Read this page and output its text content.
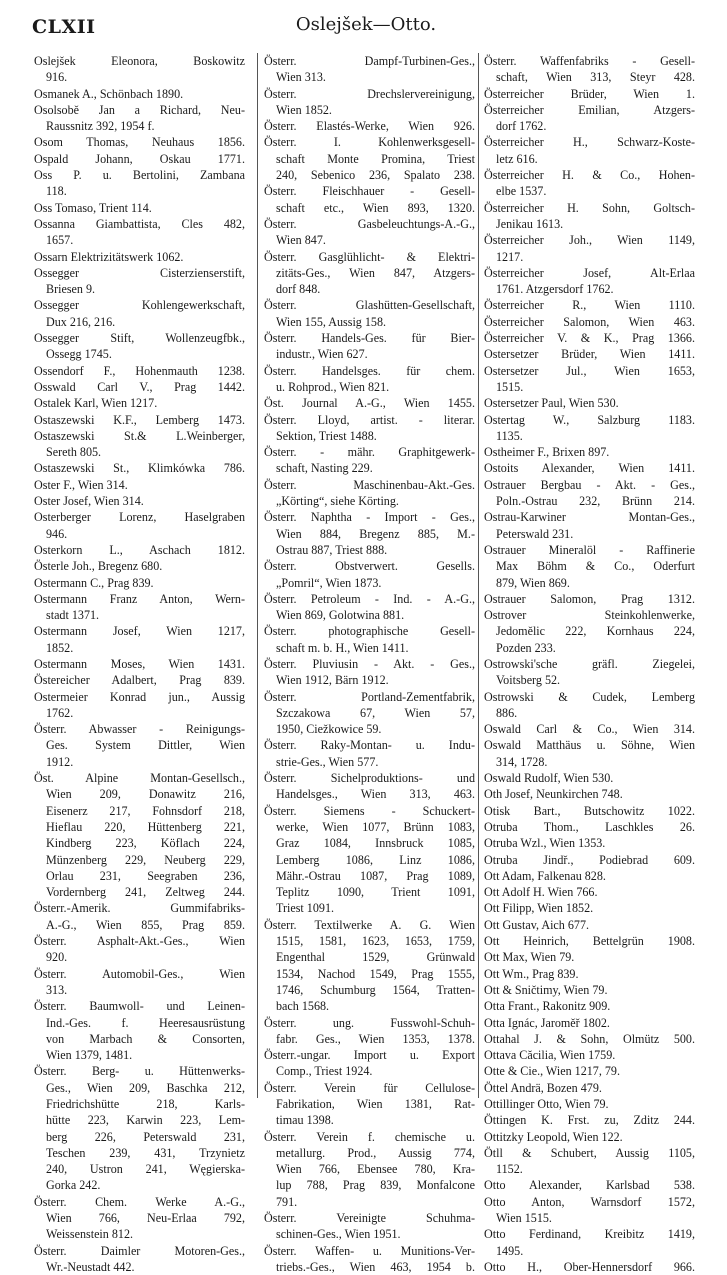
CLXII	Oslejšek—Otto.
Oslejšek Eleonora, Boskowitz
916.
Osmanek A., Schönbach 1890.
Osolsobě Jan a Richard, Neu-
Raussnitz 392, 1954 f.
Osom Thomas, Neuhaus 1856.
Ospald Johann, Oskau 1771.
Oss P. u. Bertolini, Zambana
118.
Oss Tomaso, Trient 114.
Ossanna Giambattista, Cles 482,
1657.
Ossarn Elektrizitätswerk 1062.
Ossegger Cisterzienserstift,
Briesen 9.
Ossegger Kohlengewerkschaft,
Dux 216, 216.
Ossegger Stift, Wollenzeugfbk.,
Ossegg 1745.
Ossendorf F., Hohenmauth 1238.
Osswald Carl V., Prag 1442.
Ostalek Karl, Wien 1217.
Ostaszewski K.F., Lemberg 1473.
Ostaszewski St.& L.Weinberger,
Sereth 805.
Ostaszewski St., Klimkówka 786.
Oster F., Wien 314.
Oster Josef, Wien 314.
Osterberger Lorenz, Haselgraben
946.
Osterkorn L., Aschach 1812.
Österle Joh., Bregenz 680.
Ostermann C., Prag 839.
Ostermann Franz Anton, Wern-
stadt 1371.
Ostermann Josef, Wien 1217,
1852.
Ostermann Moses, Wien 1431.
Östereicher Adalbert, Prag 839.
Ostermeier Konrad jun., Aussig
1762.
Österr. Abwasser - Reinigungs-
Ges. System Dittler, Wien
1912.
Öst. Alpine Montan-Gesellsch.,
Wien 209, Donawitz 216,
Eisenerz 217, Fohnsdorf 218,
Hieflau 220, Hüttenberg 221,
Kindberg 223, Köflach 224,
Münzenberg 229, Neuberg 229,
Orlau 231, Seegraben 236,
Vordernberg 241, Zeltweg 244.
Österr.-Amerik. Gummifabriks-
A.-G., Wien 855, Prag 859.
Österr. Asphalt-Akt.-Ges., Wien
920.
Österr. Automobil-Ges., Wien
313.
Österr. Baumwoll- und Leinen-
Ind.-Ges. f. Heeresausrüstung
von Marbach & Consorten,
Wien 1379, 1481.
Österr. Berg- u. Hüttenwerks-
Ges., Wien 209, Baschka 212,
Friedrichshütte 218, Karls-
hütte 223, Karwin 223, Lem-
berg 226, Peterswald 231,
Teschen 239, 431, Trzynietz
240, Ustron 241, Węgierska-
Gorka 242.
Österr. Chem. Werke A.-G.,
Wien 766, Neu-Erlaa 792,
Weissenstein 812.
Österr. Daimler Motoren-Ges.,
Wr.-Neustadt 442.
Österr. Dampf-Turbinen-Ges.,
Wien 313.
Österr. Drechslervereinigung,
Wien 1852.
Österr. Elastés-Werke, Wien 926.
Österr. I. Kohlenwerksgesell-
schaft Monte Promina, Triest
240, Sebenico 236, Spalato 238.
Österr. Fleischhauer - Gesell-
schaft etc., Wien 893, 1320.
Österr. Gasbeleuchtungs-A.-G.,
Wien 847.
Österr. Gasglühlicht- & Elektri-
zitäts-Ges., Wien 847, Atzgers-
dorf 848.
Österr. Glashütten-Gesellschaft,
Wien 155, Aussig 158.
Österr. Handels-Ges. für Bier-
industr., Wien 627.
Österr. Handelsges. für chem.
u. Rohprod., Wien 821.
Öst. Journal A.-G., Wien 1455.
Österr. Lloyd, artist. - literar.
Sektion, Triest 1488.
Österr. - mähr. Graphitgewerk-
schaft, Nasting 229.
Österr. Maschinenbau-Akt.-Ges.
„Körting“, siehe Körting.
Österr. Naphtha - Import - Ges.,
Wien 884, Bregenz 885, M.-
Ostrau 887, Triest 888.
Österr. Obstverwert. Gesells.
„Pomril“, Wien 1873.
Österr. Petroleum - Ind. - A.-G.,
Wien 869, Golotwina 881.
Österr. photographische Gesell-
schaft m. b. H., Wien 1411.
Österr. Pluviusin - Akt. - Ges.,
Wien 1912, Bärn 1912.
Österr. Portland-Zementfabrik,
Szczakowa 67, Wien 57,
1950, Ciežkowice 59.
Österr. Raky-Montan- u. Indu-
strie-Ges., Wien 577.
Österr. Sichelproduktions- und
Handelsges., Wien 313, 463.
Österr. Siemens - Schuckert-
werke, Wien 1077, Brünn 1083,
Graz 1084, Innsbruck 1085,
Lemberg 1086, Linz 1086,
Mähr.-Ostrau 1087, Prag 1089,
Teplitz 1090, Trient 1091,
Triest 1091.
Österr. Textilwerke A. G. Wien
1515, 1581, 1623, 1653, 1759,
Engenthal 1529, Grünwald
1534, Nachod 1549, Prag 1555,
1746, Schumburg 1564, Tratten-
bach 1568.
Österr. ung. Fusswohl-Schuh-
fabr. Ges., Wien 1353, 1378.
Österr.-ungar. Import u. Export
Comp., Triest 1924.
Österr. Verein für Cellulose-
Fabrikation, Wien 1381, Rat-
timau 1398.
Österr. Verein f. chemische u.
metallurg. Prod., Aussig 774,
Wien 766, Ebensee 780, Kra-
lup 788, Prag 839, Monfalcone
791.
Österr. Vereinigte Schuhma-
schinen-Ges., Wien 1951.
Österr. Waffen- u. Munitions-Ver-
triebs.-Ges., Wien 463, 1954 b.
Österr. Waffenfabriks - Gesell-
schaft, Wien 313, Steyr 428.
Österreicher Brüder, Wien 1.
Österreicher Emilian, Atzgers-
dorf 1762.
Österreicher H., Schwarz-Koste-
letz 616.
Österreicher H. & Co., Hohen-
elbe 1537.
Österreicher H. Sohn, Goltsch-
Jenikau 1613.
Österreicher Joh., Wien 1149,
1217.
Österreicher Josef, Alt-Erlaa
1761. Atzgersdorf 1762.
Österreicher R., Wien 1110.
Österreicher Salomon, Wien 463.
Österreicher V. & K., Prag 1366.
Ostersetzer Brüder, Wien 1411.
Ostersetzer Jul., Wien 1653,
1515.
Ostersetzer Paul, Wien 530.
Ostertag W., Salzburg 1183.
1135.
Ostheimer F., Brixen 897.
Ostoits Alexander, Wien 1411.
Ostrauer Bergbau - Akt. - Ges.,
Poln.-Ostrau 232, Brünn 214.
Ostrau-Karwiner Montan-Ges.,
Peterswald 231.
Ostrauer Mineralöl - Raffinerie
Max Böhm & Co., Oderfurt
879, Wien 869.
Ostrauer Salomon, Prag 1312.
Ostrover Steinkohlenwerke,
Jedomělic 222, Kornhaus 224,
Pozden 233.
Ostrowski'sche gräfl. Ziegelei,
Voitsberg 52.
Ostrowski & Cudek, Lemberg
886.
Oswald Carl & Co., Wien 314.
Oswald Matthäus u. Söhne, Wien
314, 1728.
Oswald Rudolf, Wien 530.
Oth Josef, Neunkirchen 748.
Otisk Bart., Butschowitz 1022.
Otruba Thom., Laschkles 26.
Otruba Wzl., Wien 1353.
Otruba Jindř., Podiebrad 609.
Ott Adam, Falkenau 828.
Ott Adolf H. Wien 766.
Ott Filipp, Wien 1852.
Ott Gustav, Aich 677.
Ott Heinrich, Bettelgrün 1908.
Ott Max, Wien 79.
Ott Wm., Prag 839.
Ott & Sničtimy, Wien 79.
Otta Frant., Rakonitz 909.
Otta Ignác, Jaroměř 1802.
Ottahal J. & Sohn, Olmütz 500.
Ottava Căcilia, Wien 1759.
Otte & Cie., Wien 1217, 79.
Öttel Andrä, Bozen 479.
Ottillinger Otto, Wien 79.
Öttingen K. Frst. zu, Zditz 244.
Ottitzky Leopold, Wien 122.
Ötll & Schubert, Aussig 1105,
1152.
Otto Alexander, Karlsbad 538.
Otto Anton, Warnsdorf 1572,
Wien 1515.
Otto Ferdinand, Kreibitz 1419,
1495.
Otto H., Ober-Hennersdorf 966.
